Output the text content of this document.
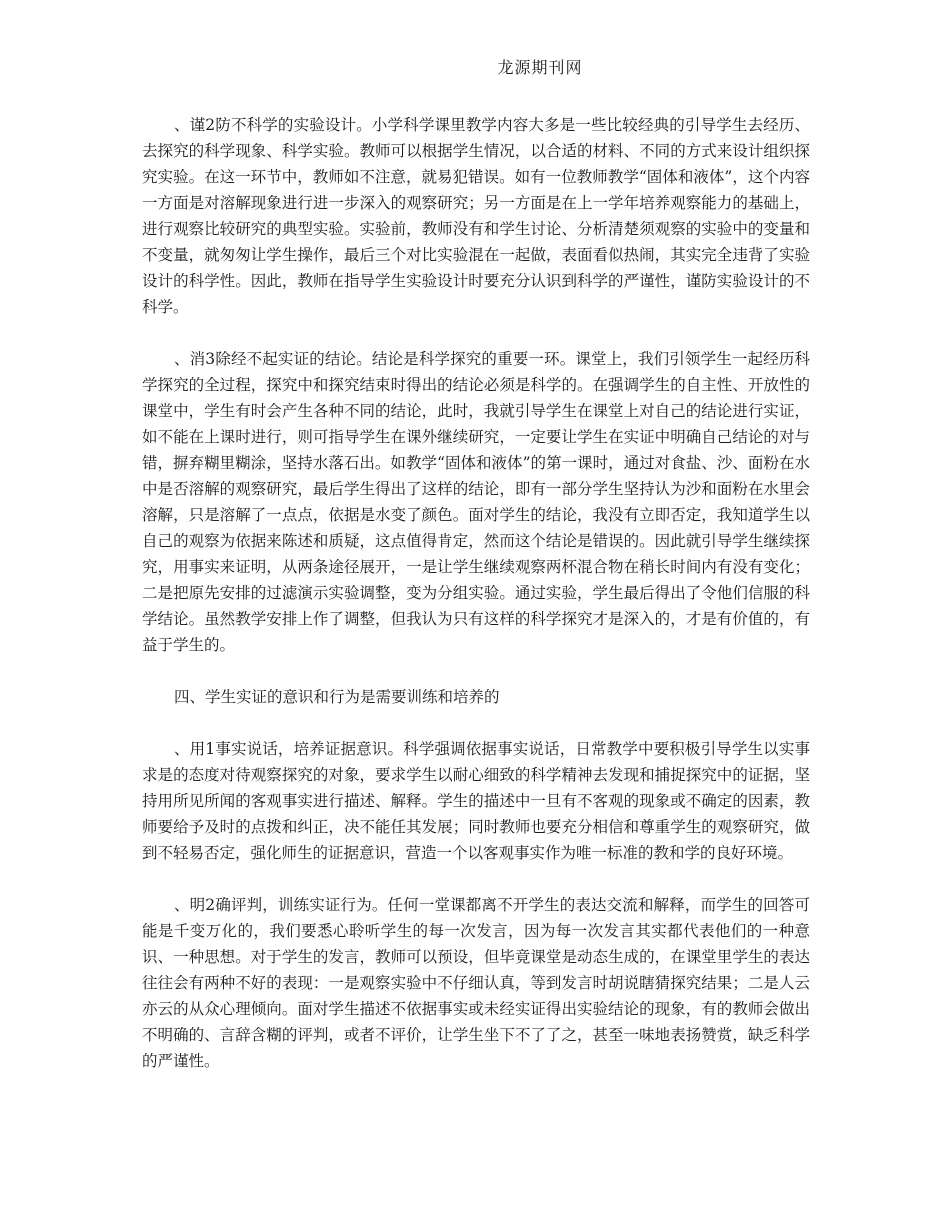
龙源期刊网

、谨2防不科学的实验设计。小学科学课里教学内容大多是一些比较经典的引导学生去经历、去探究的科学现象、科学实验。教师可以根据学生情况，以合适的材料、不同的方式来设计组织探究实验。在这一环节中，教师如不注意，就易犯错误。如有一位教师教学“固体和液体”，这个内容一方面是对溶解现象进行进一步深入的观察研究；另一方面是在上一学年培养观察能力的基础上，进行观察比较研究的典型实验。实验前，教师没有和学生讨论、分析清楚须观察的实验中的变量和不变量，就匆匆让学生操作，最后三个对比实验混在一起做，表面看似热闹，其实完全违背了实验设计的科学性。因此，教师在指导学生实验设计时要充分认识到科学的严谨性，谨防实验设计的不科学。

、消3除经不起实证的结论。结论是科学探究的重要一环。课堂上，我们引领学生一起经历科学探究的全过程，探究中和探究结束时得出的结论必须是科学的。在强调学生的自主性、开放性的课堂中，学生有时会产生各种不同的结论，此时，我就引导学生在课堂上对自己的结论进行实证，如不能在上课时进行，则可指导学生在课外继续研究，一定要让学生在实证中明确自己结论的对与错，摒弃糊里糊涂，坚持水落石出。如教学“固体和液体”的第一课时，通过对食盐、沙、面粉在水中是否溶解的观察研究，最后学生得出了这样的结论，即有一部分学生坚持认为沙和面粉在水里会溶解，只是溶解了一点点，依据是水变了颜色。面对学生的结论，我没有立即否定，我知道学生以自己的观察为依据来陈述和质疑，这点值得肯定，然而这个结论是错误的。因此就引导学生继续探究，用事实来证明，从两条途径展开，一是让学生继续观察两杯混合物在稍长时间内有没有变化；二是把原先安排的过滤演示实验调整，变为分组实验。通过实验，学生最后得出了令他们信服的科学结论。虽然教学安排上作了调整，但我认为只有这样的科学探究才是深入的，才是有价值的，有益于学生的。

四、学生实证的意识和行为是需要训练和培养的

、用1事实说话，培养证据意识。科学强调依据事实说话，日常教学中要积极引导学生以实事求是的态度对待观察探究的对象，要求学生以耐心细致的科学精神去发现和捕捉探究中的证据，坚持用所见所闻的客观事实进行描述、解释。学生的描述中一旦有不客观的现象或不确定的因素，教师要给予及时的点拨和纠正，决不能任其发展；同时教师也要充分相信和尊重学生的观察研究，做到不轻易否定，强化师生的证据意识，营造一个以客观事实作为唯一标准的教和学的良好环境。

、明2确评判，训练实证行为。任何一堂课都离不开学生的表达交流和解释，而学生的回答可能是千变万化的，我们要悉心聆听学生的每一次发言，因为每一次发言其实都代表他们的一种意识、一种思想。对于学生的发言，教师可以预设，但毕竟课堂是动态生成的，在课堂里学生的表达往往会有两种不好的表现：一是观察实验中不仔细认真，等到发言时胡说瞎猜探究结果；二是人云亦云的从众心理倾向。面对学生描述不依据事实或未经实证得出实验结论的现象，有的教师会做出不明确的、言辞含糊的评判，或者不评价，让学生坐下不了了之，甚至一味地表扬赞赏，缺乏科学的严谨性。
